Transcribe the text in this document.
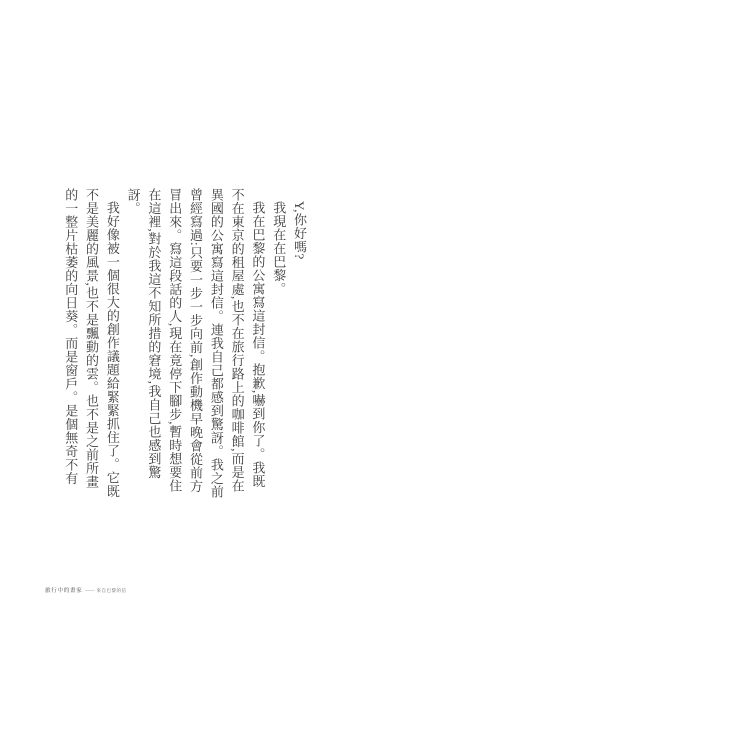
Y,你好嗎?

我現在在巴黎。

我在巴黎的公寓寫這封信。抱歉,嚇到你了。我既不在東京的租屋處,也不在旅行路上的咖啡館,而是在異國的公寓寫這封信。連我自己都感到驚訝。我之前曾經寫過:只要一步一步向前,創作動機早晚會從前方冒出來。寫這段話的人,現在竟停下腳步,暫時想要住在這裡,對於我這不知所措的窘境,我自己也感到驚訝。

我好像被一個很大的創作議題給緊緊抓住了。它既不是美麗的風景,也不是飄動的雲。也不是之前所畫的一整片枯萎的向日葵。而是窗戶。是個無奇不有

旅行中的畫家 —— 來自巴黎的信
